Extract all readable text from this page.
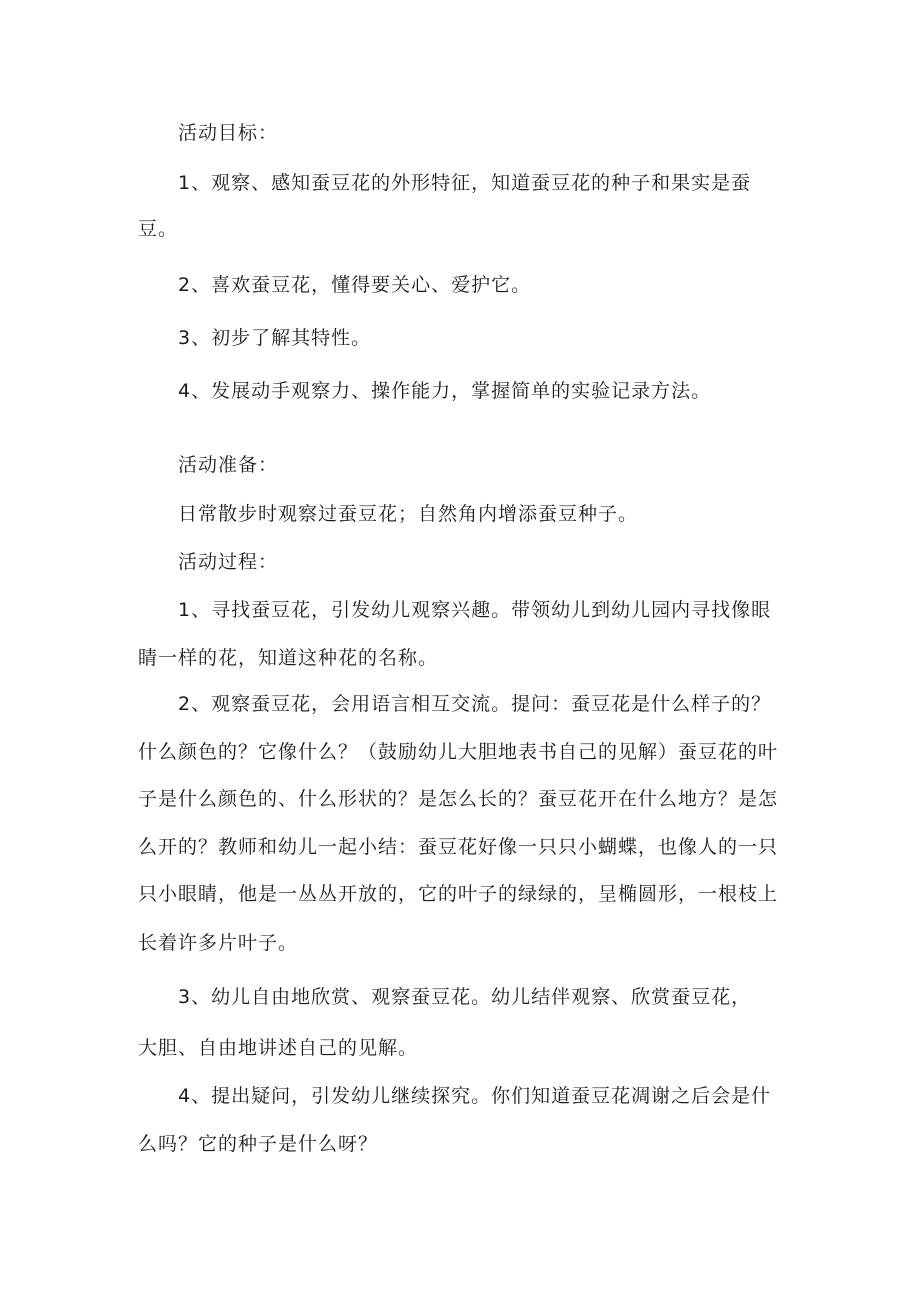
活动目标：

1、观察、感知蚕豆花的外形特征，知道蚕豆花的种子和果实是蚕

豆。

2、喜欢蚕豆花，懂得要关心、爱护它。

3、初步了解其特性。

4、发展动手观察力、操作能力，掌握简单的实验记录方法。

活动准备：

日常散步时观察过蚕豆花；自然角内增添蚕豆种子。

活动过程：

1、寻找蚕豆花，引发幼儿观察兴趣。带领幼儿到幼儿园内寻找像眼

睛一样的花，知道这种花的名称。

2、观察蚕豆花，会用语言相互交流。提问：蚕豆花是什么样子的？

什么颜色的？它像什么？（鼓励幼儿大胆地表书自己的见解）蚕豆花的叶

子是什么颜色的、什么形状的？是怎么长的？蚕豆花开在什么地方？是怎

么开的？教师和幼儿一起小结：蚕豆花好像一只只小蝴蝶，也像人的一只

只小眼睛，他是一丛丛开放的，它的叶子的绿绿的，呈椭圆形，一根枝上

长着许多片叶子。

3、幼儿自由地欣赏、观察蚕豆花。幼儿结伴观察、欣赏蚕豆花，

大胆、自由地讲述自己的见解。

4、提出疑问，引发幼儿继续探究。你们知道蚕豆花凋谢之后会是什

么吗？它的种子是什么呀？
